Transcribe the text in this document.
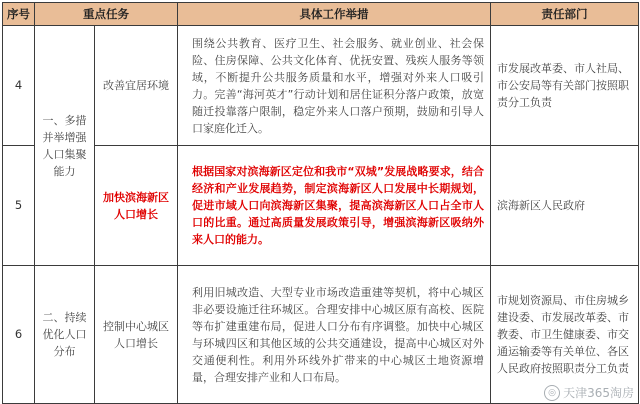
序号	重点任务		具体工作举措	责任部门
4	一、多措并举增强人口集聚能力	改善宜居环境	围绕公共教育、医疗卫生、社会服务、就业创业、社会保险、住房保障、公共文化体育、优抚安置、残疾人服务等领域，不断提升公共服务质量和水平，增强对外来人口吸引力。完善“海河英才”行动计划和居住证积分落户政策，放宽随迁投靠落户限制，稳定外来人口落户预期，鼓励和引导人口家庭化迁入。	市发展改革委、市人社局、市公安局等有关部门按照职责分工负责
5		加快滨海新区人口增长	根据国家对滨海新区定位和我市“双城”发展战略要求，结合经济和产业发展趋势，制定滨海新区人口发展中长期规划，促进市域人口向滨海新区集聚，提高滨海新区人口占全市人口的比重。通过高质量发展政策引导，增强滨海新区吸纳外来人口的能力。	滨海新区人民政府
6	二、持续优化人口分布	控制中心城区人口增长	利用旧城改造、大型专业市场改造重建等契机，将中心城区非必要设施迁往环城区。合理安排中心城区原有高校、医院等布扩建重建布局，促进人口分布有序调整。加快中心城区与环城四区和其他区域的公共交通建设，提高中心城区对外交通便利性。利用外环线外扩带来的中心城区土地资源增量，合理安排产业和人口布局。	市规划资源局、市住房城乡建设委、市发展改革委、市教委、市卫生健康委、市交通运输委等有关单位、各区人民政府按照职责分工负责
◎ 天津365淘房
